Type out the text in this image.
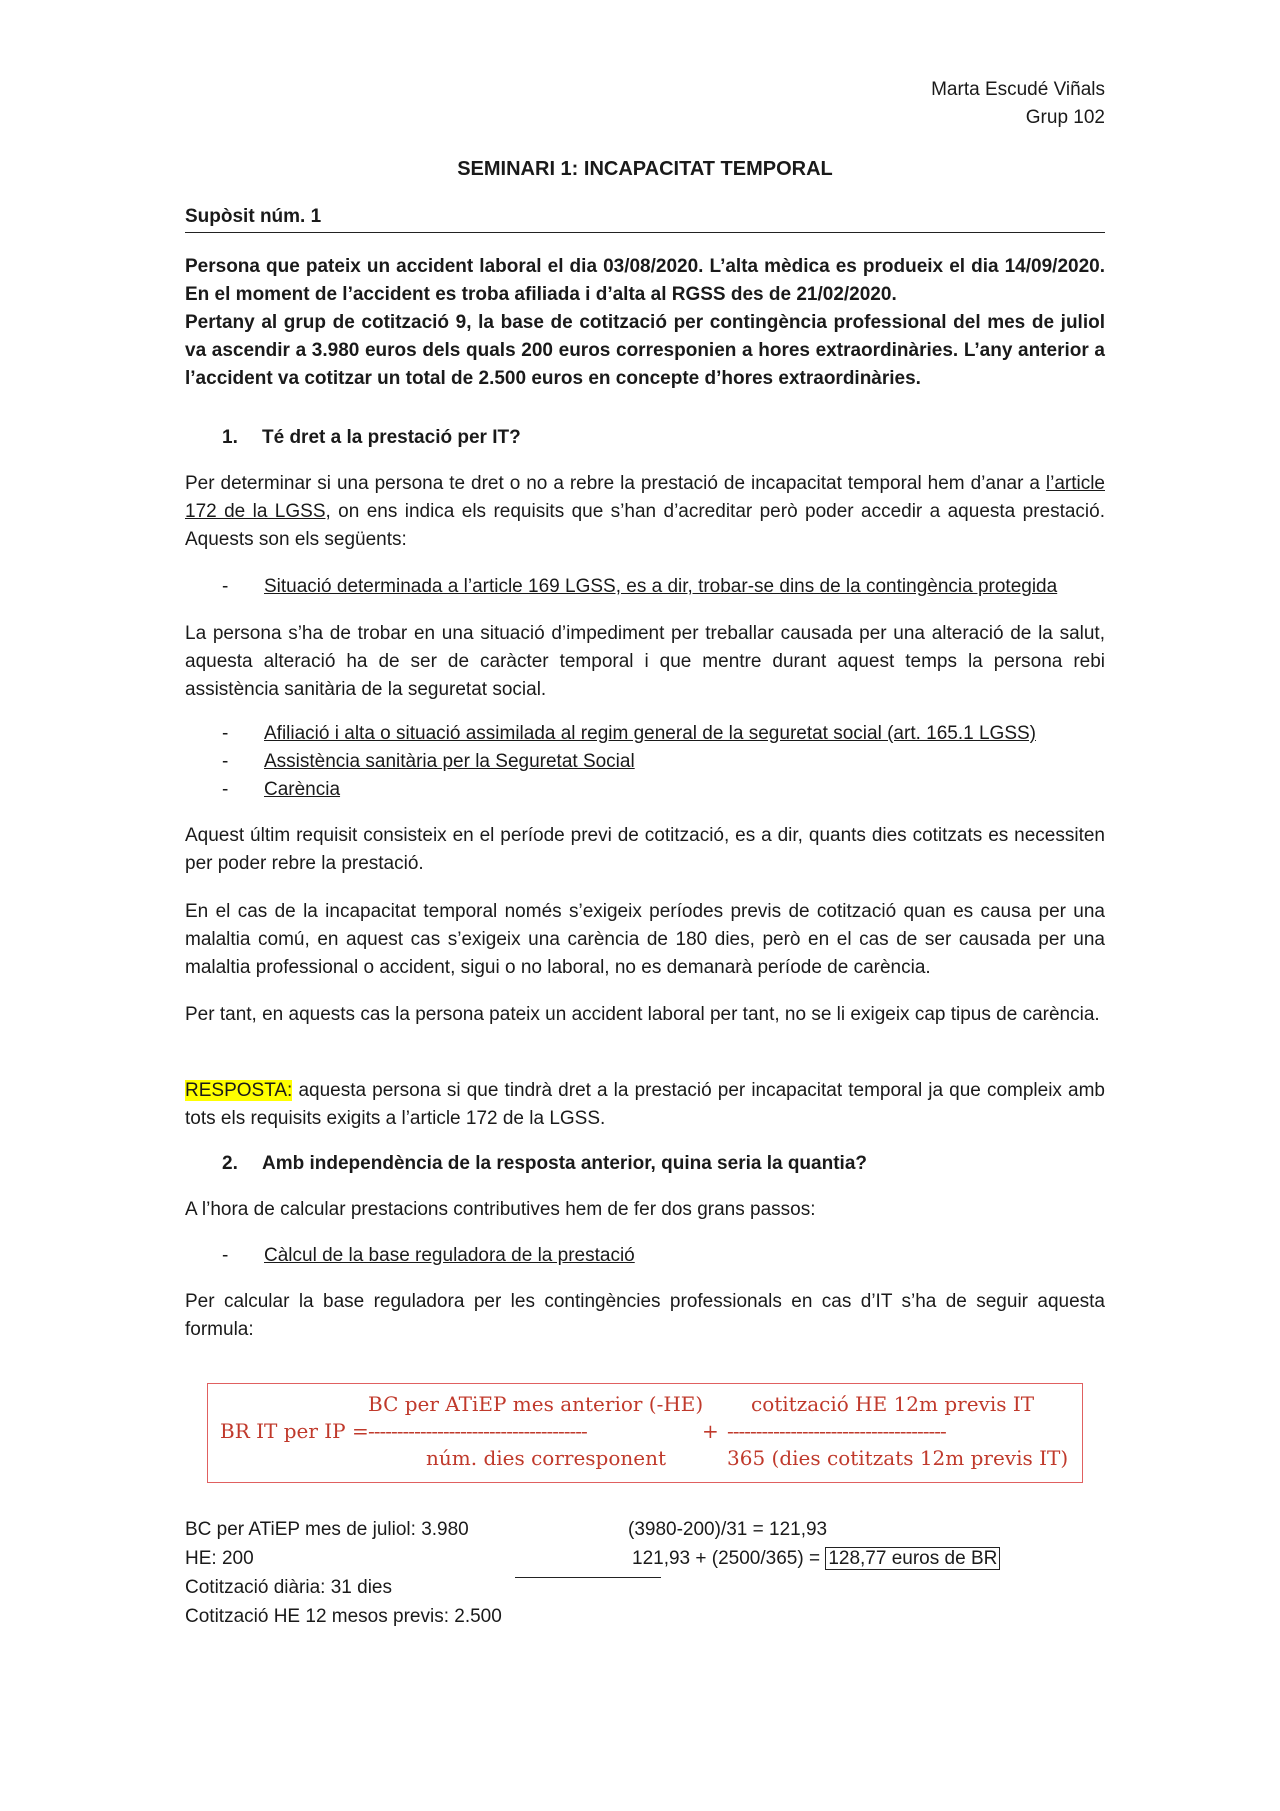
Marta Escudé Viñals
Grup 102
SEMINARI 1: INCAPACITAT TEMPORAL
Supòsit núm. 1

Persona que pateix un accident laboral el dia 03/08/2020. L’alta mèdica es produeix el dia 14/09/2020. En el moment de l’accident es troba afiliada i d’alta al RGSS des de 21/02/2020.

Pertany al grup de cotització 9, la base de cotització per contingència professional del mes de juliol va ascendir a 3.980 euros dels quals 200 euros corresponien a hores extraordinàries. L’any anterior a l’accident va cotitzar un total de 2.500 euros en concepte d’hores extraordinàries.

1. Té dret a la prestació per IT?
Per determinar si una persona te dret o no a rebre la prestació de incapacitat temporal hem d’anar a l’article 172 de la LGSS, on ens indica els requisits que s’han d’acreditar però poder accedir a aquesta prestació. Aquests son els següents:
- Situació determinada a l’article 169 LGSS, es a dir, trobar-se dins de la contingència protegida
La persona s’ha de trobar en una situació d’impediment per treballar causada per una alteració de la salut, aquesta alteració ha de ser de caràcter temporal i que mentre durant aquest temps la persona rebi assistència sanitària de la seguretat social.
- Afiliació i alta o situació assimilada al regim general de la seguretat social (art. 165.1 LGSS)
- Assistència sanitària per la Seguretat Social
- Carència
Aquest últim requisit consisteix en el període previ de cotització, es a dir, quants dies cotitzats es necessiten per poder rebre la prestació.
En el cas de la incapacitat temporal només s’exigeix períodes previs de cotització quan es causa per una malaltia comú, en aquest cas s’exigeix una carència de 180 dies, però en el cas de ser causada per una malaltia professional o accident, sigui o no laboral, no es demanarà període de carència.
Per tant, en aquests cas la persona pateix un accident laboral per tant, no se li exigeix cap tipus de carència.
RESPOSTA: aquesta persona si que tindrà dret a la prestació per incapacitat temporal ja que compleix amb tots els requisits exigits a l’article 172 de la LGSS.
2. Amb independència de la resposta anterior, quina seria la quantia?
A l’hora de calcular prestacions contributives hem de fer dos grans passos:
- Càlcul de la base reguladora de la prestació
Per calcular la base reguladora per les contingències professionals en cas d’IT s’ha de seguir aquesta formula:
BC per ATiEP mes anterior (-HE) cotització HE 12m previs IT
BR IT per IP =
--------------------------------------	+ --------------------------------------
núm. dies corresponent	365 (dies cotitzats 12m previs IT)
BC per ATiEP mes de juliol: 3.980
HE: 200
Cotització diària: 31 dies
Cotització HE 12 mesos previs: 2.500
(3980-200)/31 = 121,93
121,93 + (2500/365) = 128,77 euros de BR
